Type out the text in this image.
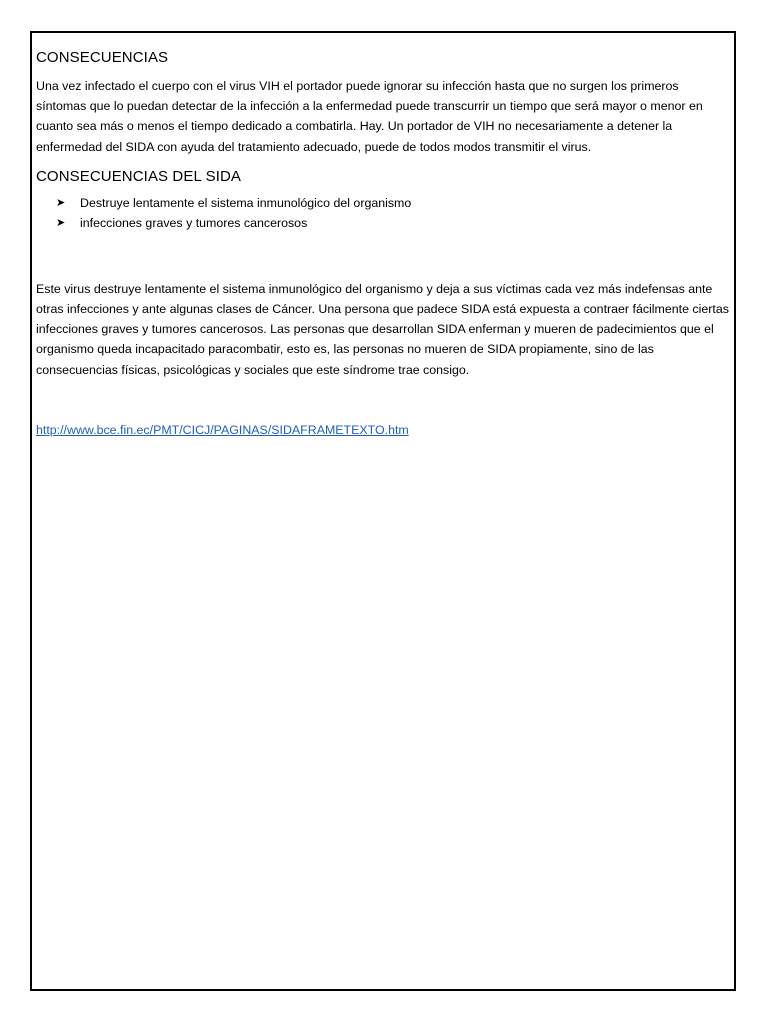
CONSECUENCIAS

Una vez infectado el cuerpo con el virus VIH el portador puede ignorar su infección hasta que no surgen los primeros síntomas que lo puedan detectar de la infección a la enfermedad puede transcurrir un tiempo que será mayor o menor en cuanto sea más o menos el tiempo dedicado a combatirla. Hay. Un portador de VIH no necesariamente a detener la enfermedad del SIDA con ayuda del tratamiento adecuado, puede de todos modos transmitir el virus.

CONSECUENCIAS DEL SIDA
➤	Destruye lentamente el sistema inmunológico del organismo
➤	infecciones graves y tumores cancerosos

Este virus destruye lentamente el sistema inmunológico del organismo y deja a sus víctimas cada vez más indefensas ante otras infecciones y ante algunas clases de Cáncer. Una persona que padece SIDA está expuesta a contraer fácilmente ciertas infecciones graves y tumores cancerosos. Las personas que desarrollan SIDA enferman y mueren de padecimientos que el organismo queda incapacitado paracombatir, esto es, las personas no mueren de SIDA propiamente, sino de las consecuencias físicas, psicológicas y sociales que este síndrome trae consigo.

http://www.bce.fin.ec/PMT/CICJ/PAGINAS/SIDAFRAMETEXTO.htm
